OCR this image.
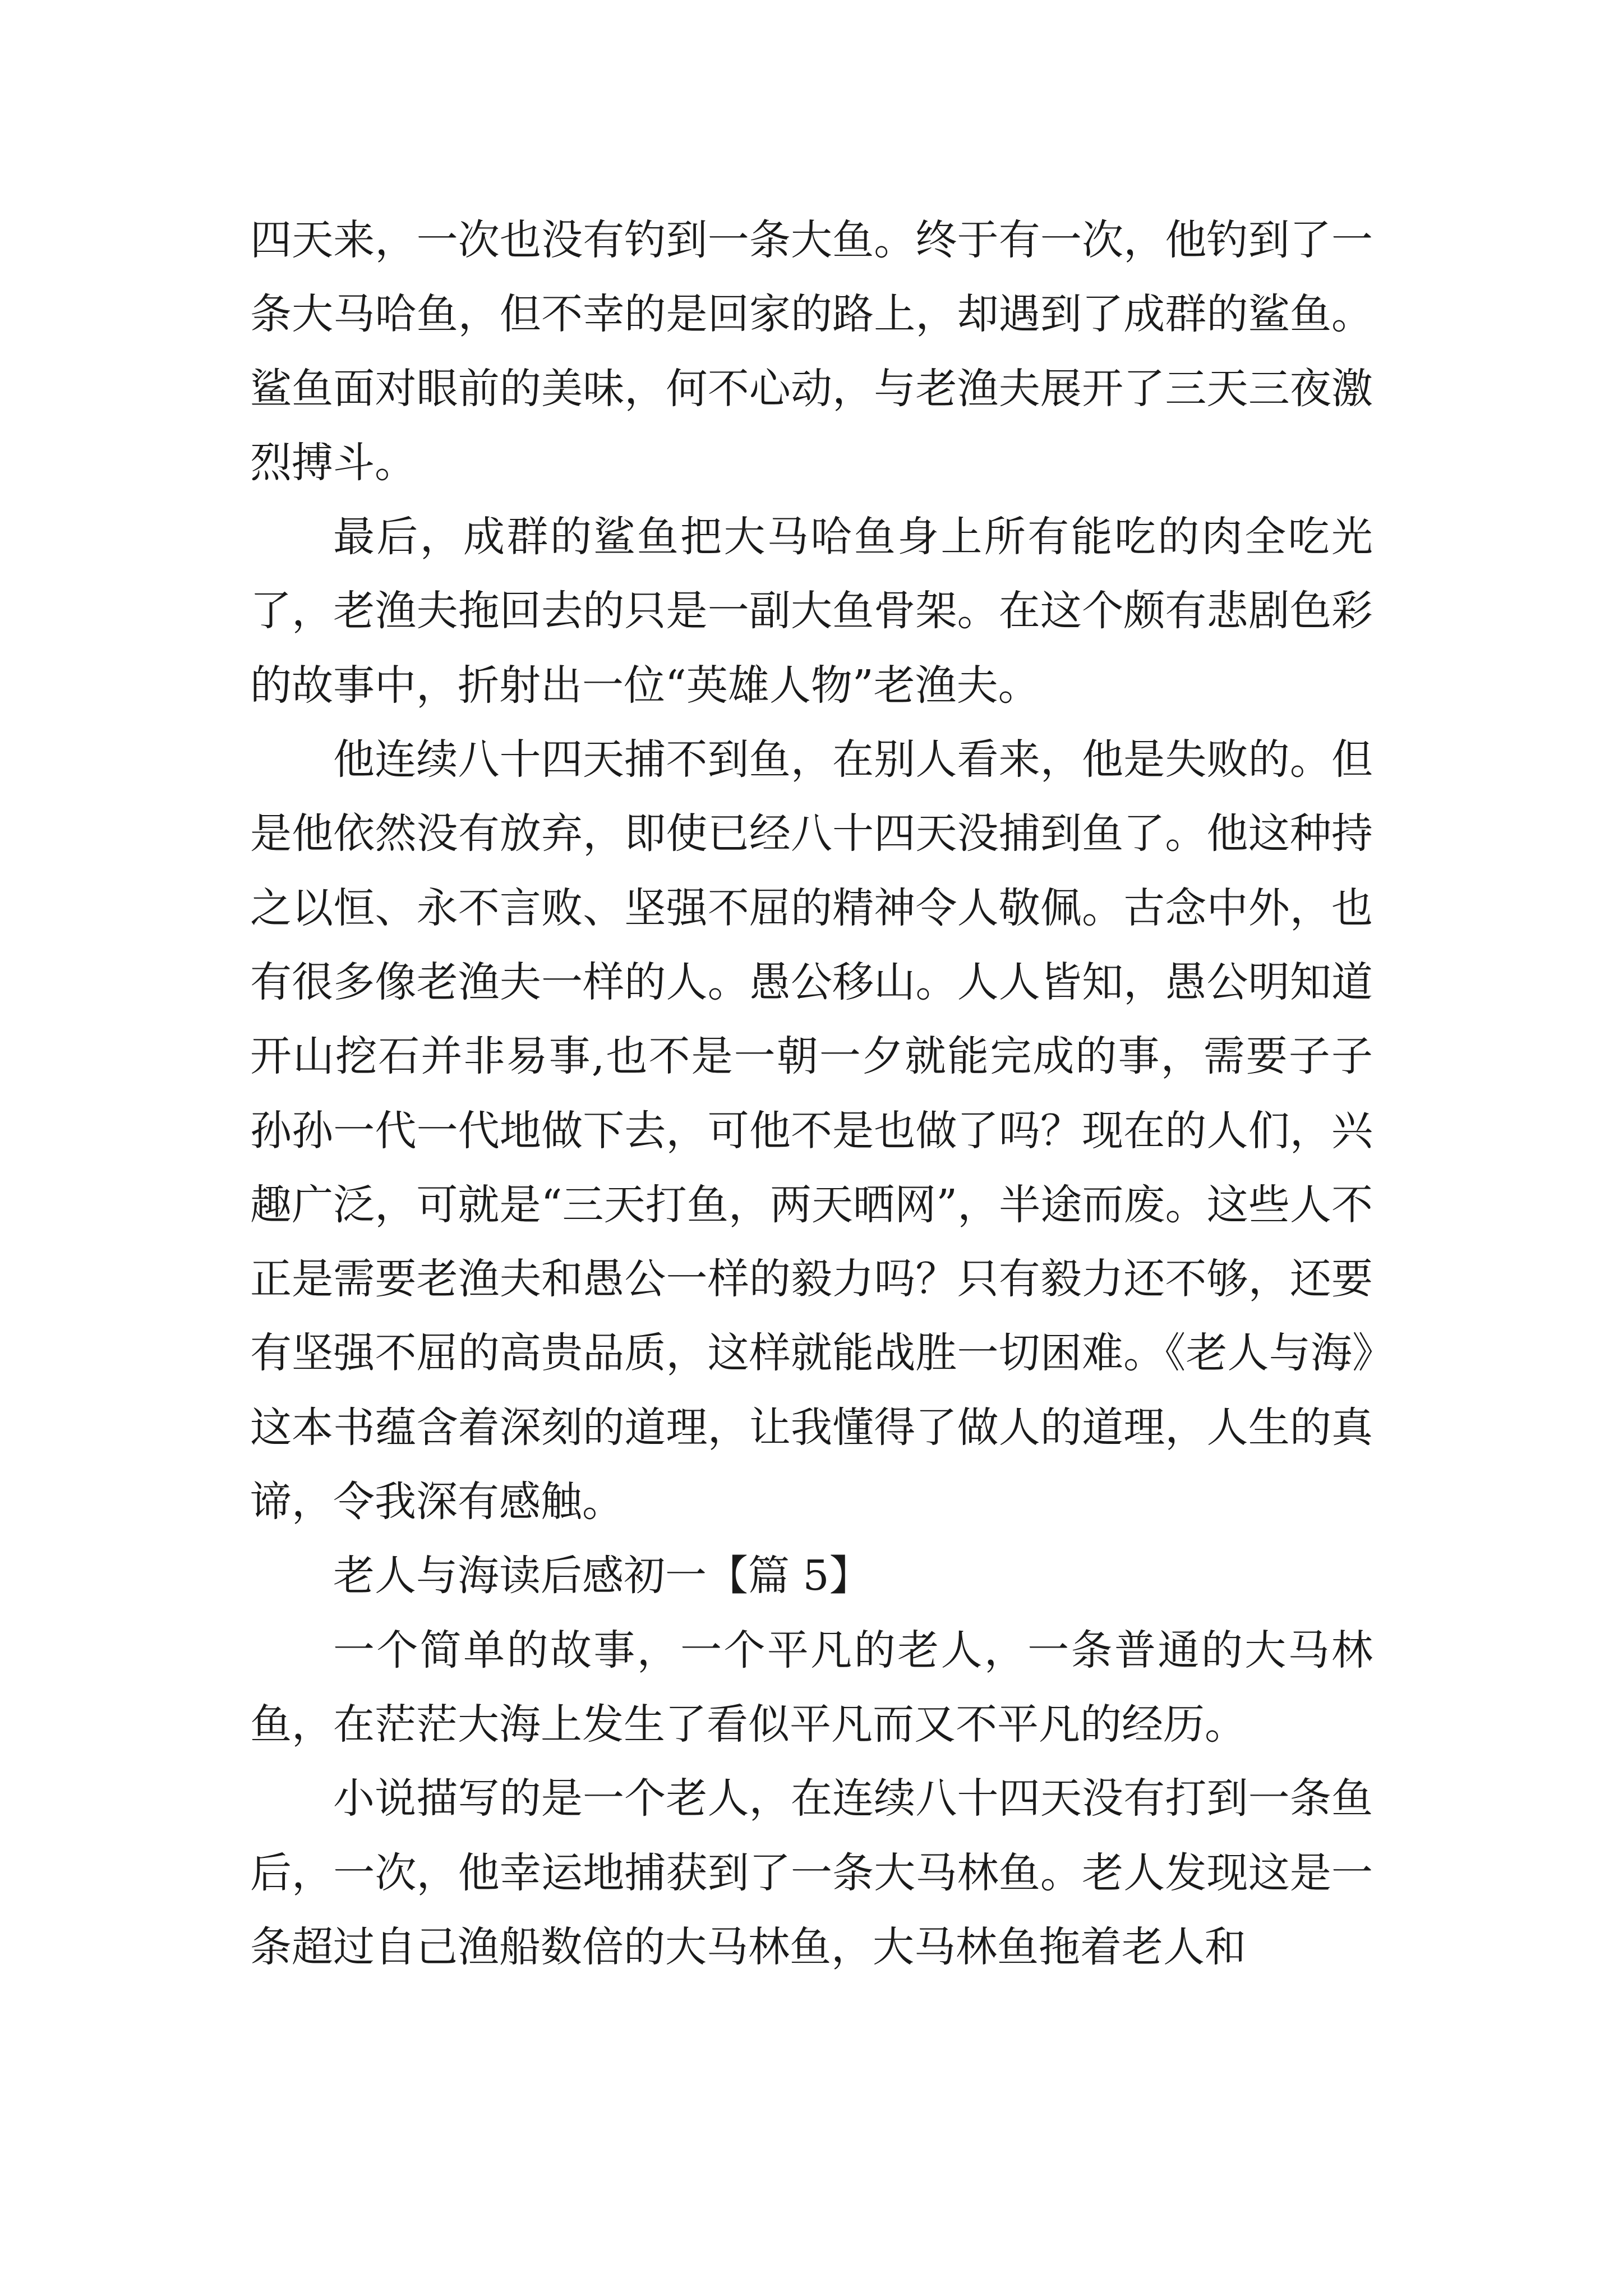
四天来，一次也没有钓到一条大鱼。终于有一次，他钓到了一条大马哈鱼，但不幸的是回家的路上，却遇到了成群的鲨鱼。鲨鱼面对眼前的美味，何不心动，与老渔夫展开了三天三夜激烈搏斗。

最后，成群的鲨鱼把大马哈鱼身上所有能吃的肉全吃光了，老渔夫拖回去的只是一副大鱼骨架。在这个颇有悲剧色彩的故事中，折射出一位“英雄人物”老渔夫。

他连续八十四天捕不到鱼，在别人看来，他是失败的。但是他依然没有放弃，即使已经八十四天没捕到鱼了。他这种持之以恒、永不言败、坚强不屈的精神令人敬佩。古念中外，也有很多像老渔夫一样的人。愚公移山。人人皆知，愚公明知道开山挖石并非易事,也不是一朝一夕就能完成的事，需要子子孙孙一代一代地做下去，可他不是也做了吗？现在的人们，兴趣广泛，可就是“三天打鱼，两天晒网”，半途而废。这些人不正是需要老渔夫和愚公一样的毅力吗？只有毅力还不够，还要有坚强不屈的高贵品质，这样就能战胜一切困难。《老人与海》这本书蕴含着深刻的道理，让我懂得了做人的道理，人生的真谛，令我深有感触。

老人与海读后感初一【篇 5】

一个简单的故事，一个平凡的老人，一条普通的大马林鱼，在茫茫大海上发生了看似平凡而又不平凡的经历。

小说描写的是一个老人，在连续八十四天没有打到一条鱼后，一次，他幸运地捕获到了一条大马林鱼。老人发现这是一条超过自己渔船数倍的大马林鱼，大马林鱼拖着老人和
